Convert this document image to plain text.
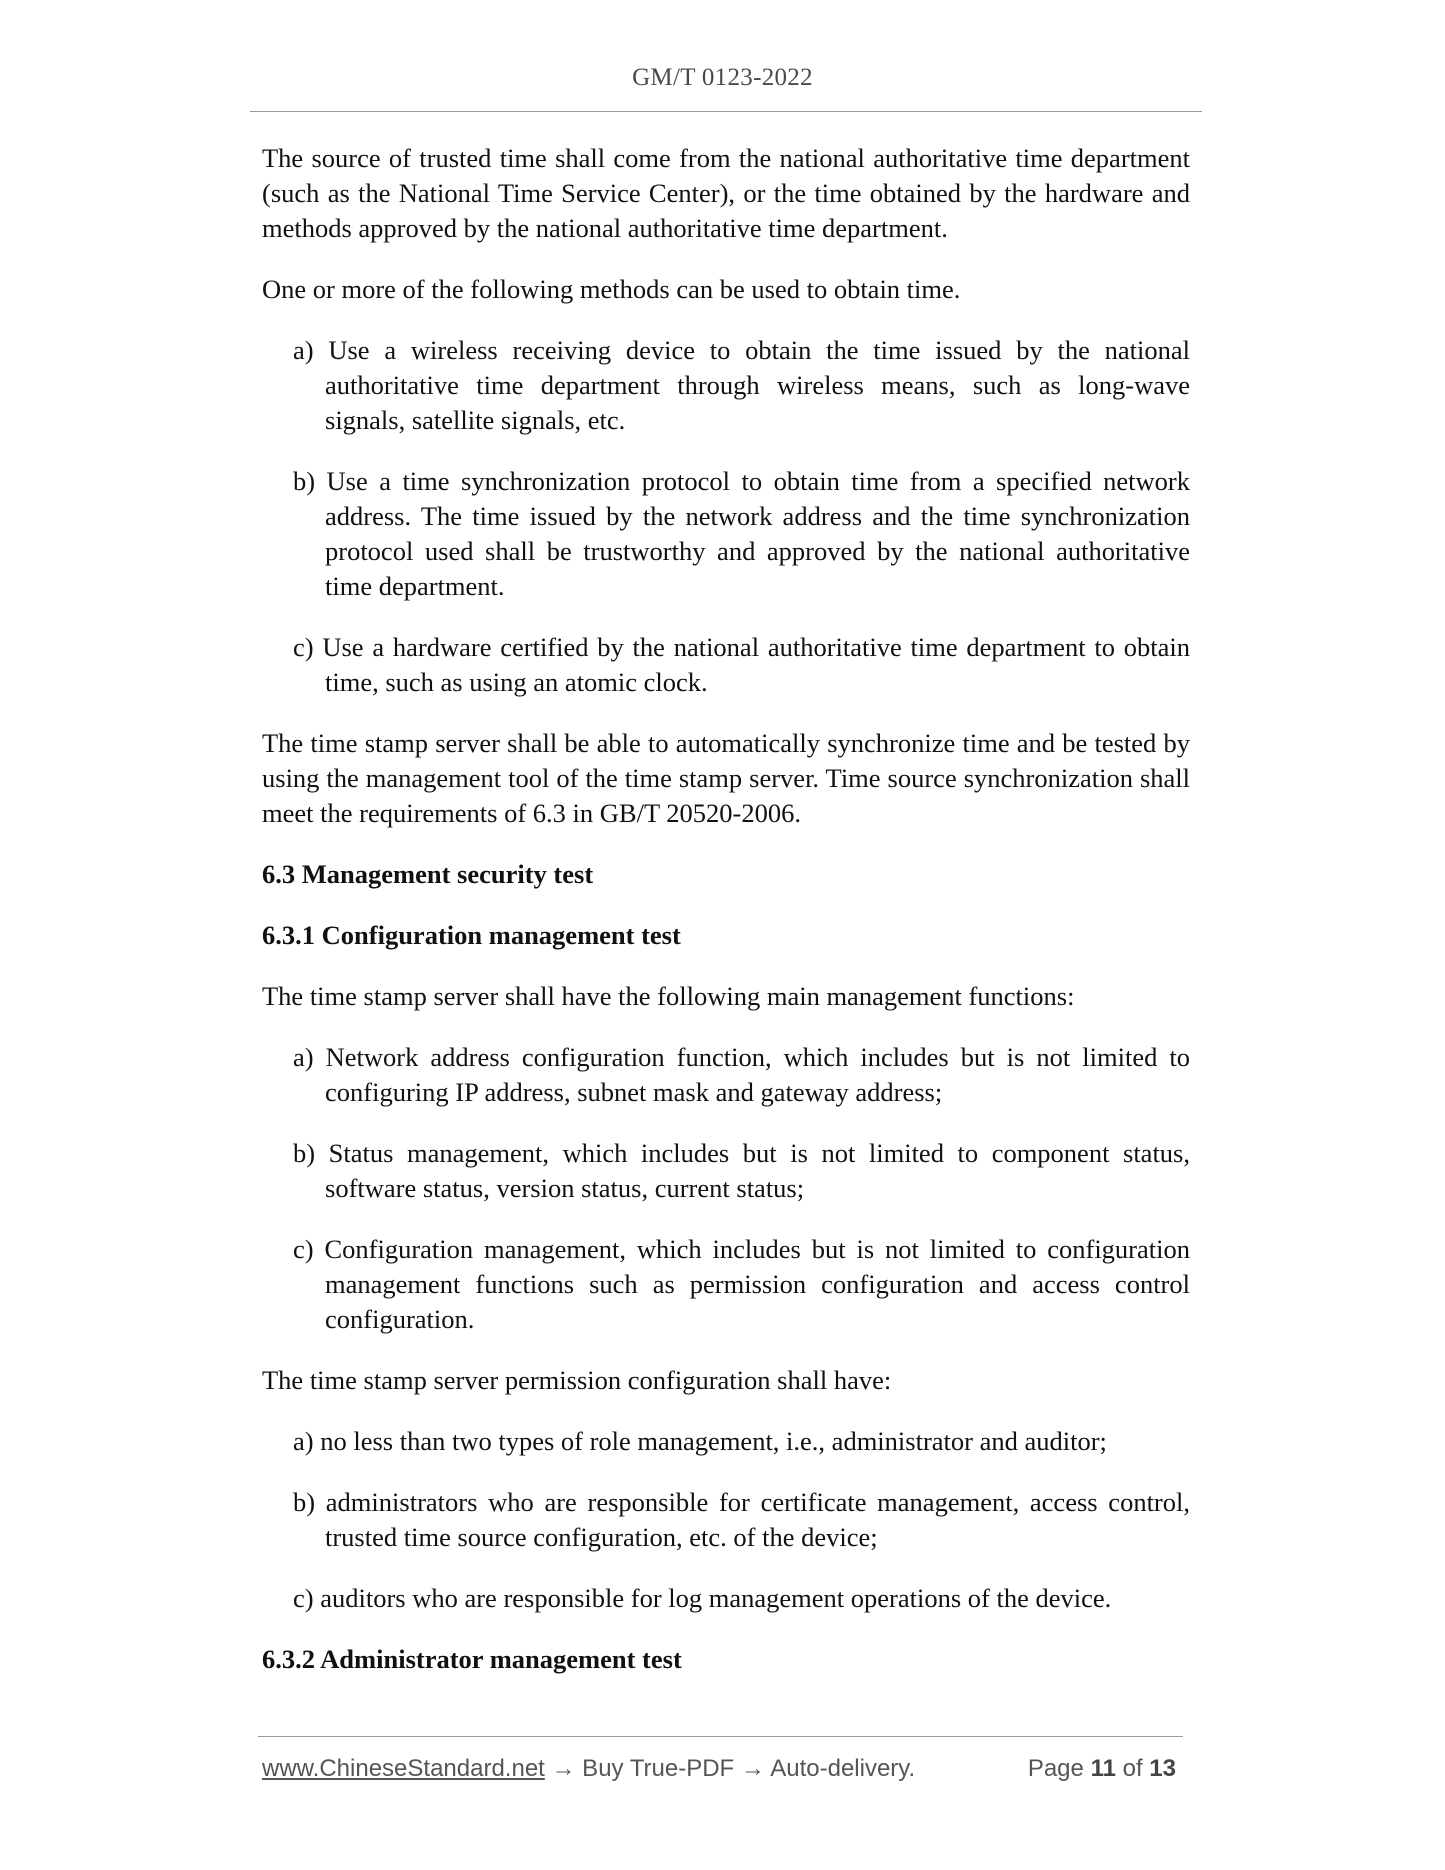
GM/T 0123-2022

The source of trusted time shall come from the national authoritative time department (such as the National Time Service Center), or the time obtained by the hardware and methods approved by the national authoritative time department.

One or more of the following methods can be used to obtain time.

a) Use a wireless receiving device to obtain the time issued by the national authoritative time department through wireless means, such as long-wave signals, satellite signals, etc.
b) Use a time synchronization protocol to obtain time from a specified network address. The time issued by the network address and the time synchronization protocol used shall be trustworthy and approved by the national authoritative time department.
c) Use a hardware certified by the national authoritative time department to obtain time, such as using an atomic clock.

The time stamp server shall be able to automatically synchronize time and be tested by using the management tool of the time stamp server. Time source synchronization shall meet the requirements of 6.3 in GB/T 20520-2006.

6.3 Management security test
6.3.1 Configuration management test

The time stamp server shall have the following main management functions:

a) Network address configuration function, which includes but is not limited to configuring IP address, subnet mask and gateway address;
b) Status management, which includes but is not limited to component status, software status, version status, current status;
c) Configuration management, which includes but is not limited to configuration management functions such as permission configuration and access control configuration.

The time stamp server permission configuration shall have:

a) no less than two types of role management, i.e., administrator and auditor;
b) administrators who are responsible for certificate management, access control, trusted time source configuration, etc. of the device;
c) auditors who are responsible for log management operations of the device.
6.3.2 Administrator management test
www.ChineseStandard.net → Buy True-PDF → Auto-delivery.	Page 11 of 13
